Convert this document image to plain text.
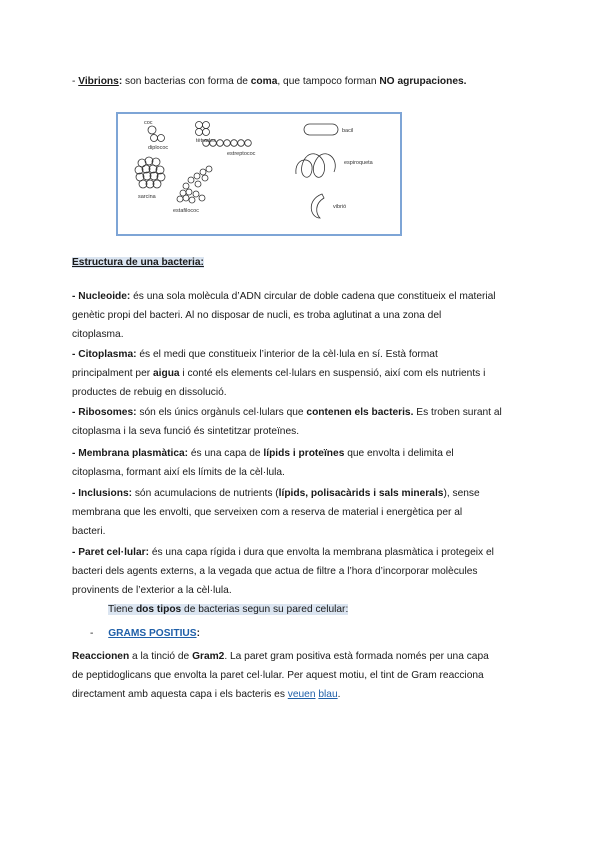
- Vibrions: son bacterias con forma de coma, que tampoco forman NO agrupaciones.
coc
diplococ
tètrades
estreptococ
sarcina
estafilococ
bacil
espiroqueta
vibrió
Estructura de una bacteria:
- Nucleoide: és una sola molècula d’ADN circular de doble cadena que constitueix el material
genètic propi del bacteri. Al no disposar de nucli, es troba aglutinat a una zona del
citoplasma.
- Citoplasma: és el medi que constitueix l’interior de la cèl·lula en sí. Està format
principalment per aigua i conté els elements cel·lulars en suspensió, així com els nutrients i
productes de rebuig en dissolució.
- Ribosomes: són els únics orgànuls cel·lulars que contenen els bacteris. Es troben surant al
citoplasma i la seva funció és sintetitzar proteïnes.
- Membrana plasmàtica: és una capa de lípids i proteïnes que envolta i delimita el
citoplasma, formant així els límits de la cèl·lula.
- Inclusions: són acumulacions de nutrients (lípids, polisacàrids i sals minerals), sense
membrana que les envolti, que serveixen com a reserva de material i energètica per al
bacteri.
- Paret cel·lular: és una capa rígida i dura que envolta la membrana plasmàtica i protegeix el
bacteri dels agents externs, a la vegada que actua de filtre a l’hora d’incorporar molècules
provinents de l’exterior a la cèl·lula.
Tiene dos tipos de bacterias segun su pared celular:
- GRAMS POSITIUS:
Reaccionen a la tinció de Gram2. La paret gram positiva està formada només per una capa
de peptidoglicans que envolta la paret cel·lular. Per aquest motiu, el tint de Gram reacciona
directament amb aquesta capa i els bacteris es veuen blau.
